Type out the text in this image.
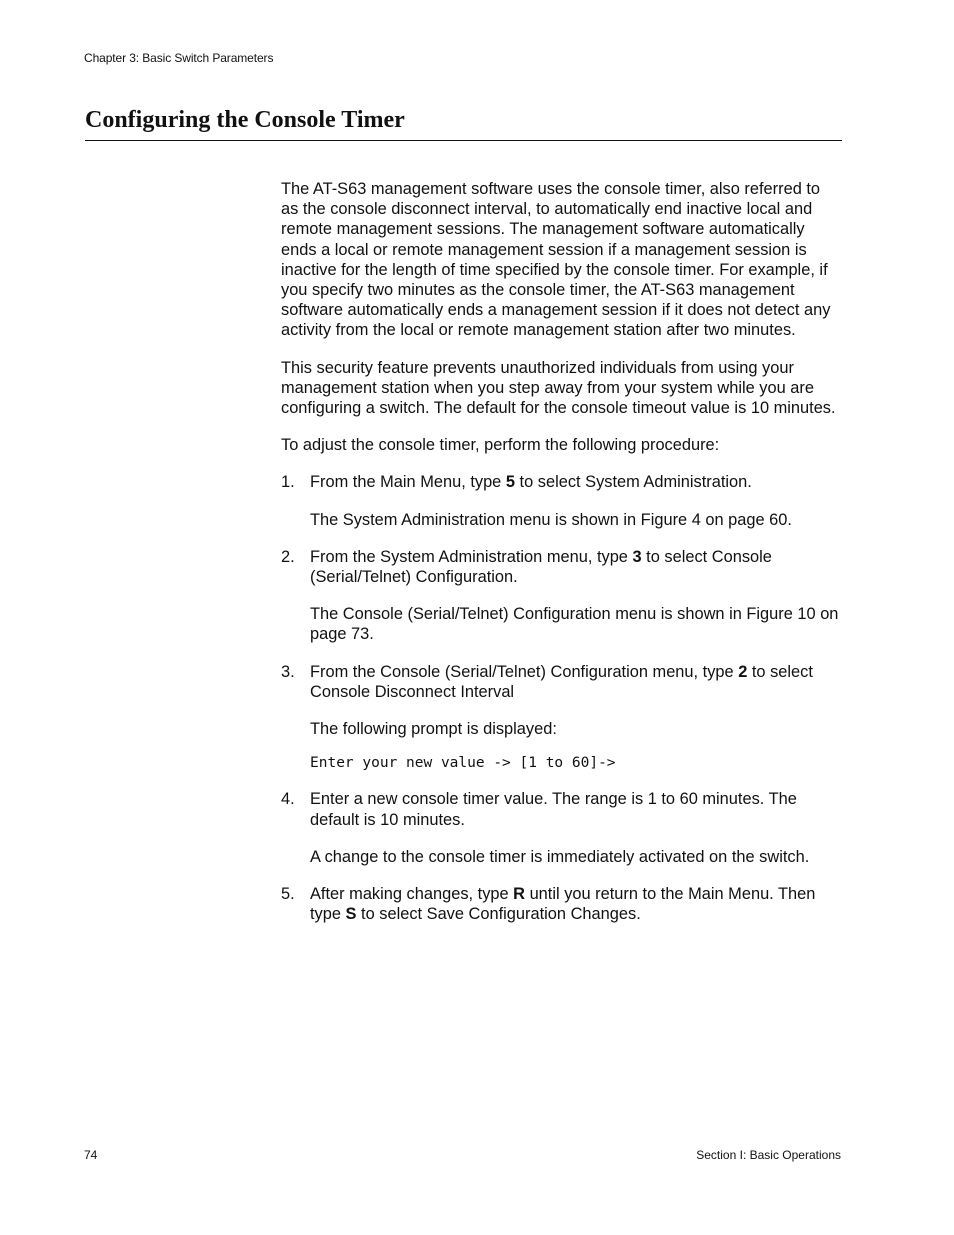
Chapter 3: Basic Switch Parameters
Configuring the Console Timer

The AT-S63 management software uses the console timer, also referred to as the console disconnect interval, to automatically end inactive local and remote management sessions. The management software automatically ends a local or remote management session if a management session is inactive for the length of time specified by the console timer. For example, if you specify two minutes as the console timer, the AT-S63 management software automatically ends a management session if it does not detect any activity from the local or remote management station after two minutes.

This security feature prevents unauthorized individuals from using your management station when you step away from your system while you are configuring a switch. The default for the console timeout value is 10 minutes.

To adjust the console timer, perform the following procedure:

1. From the Main Menu, type 5 to select System Administration.

The System Administration menu is shown in Figure 4 on page 60.

2. From the System Administration menu, type 3 to select Console (Serial/Telnet) Configuration.

The Console (Serial/Telnet) Configuration menu is shown in Figure 10 on page 73.

3. From the Console (Serial/Telnet) Configuration menu, type 2 to select Console Disconnect Interval

The following prompt is displayed:

Enter your new value -> [1 to 60]->
4. Enter a new console timer value. The range is 1 to 60 minutes. The default is 10 minutes.

A change to the console timer is immediately activated on the switch.

5. After making changes, type R until you return to the Main Menu. Then type S to select Save Configuration Changes.

74	Section I: Basic Operations
